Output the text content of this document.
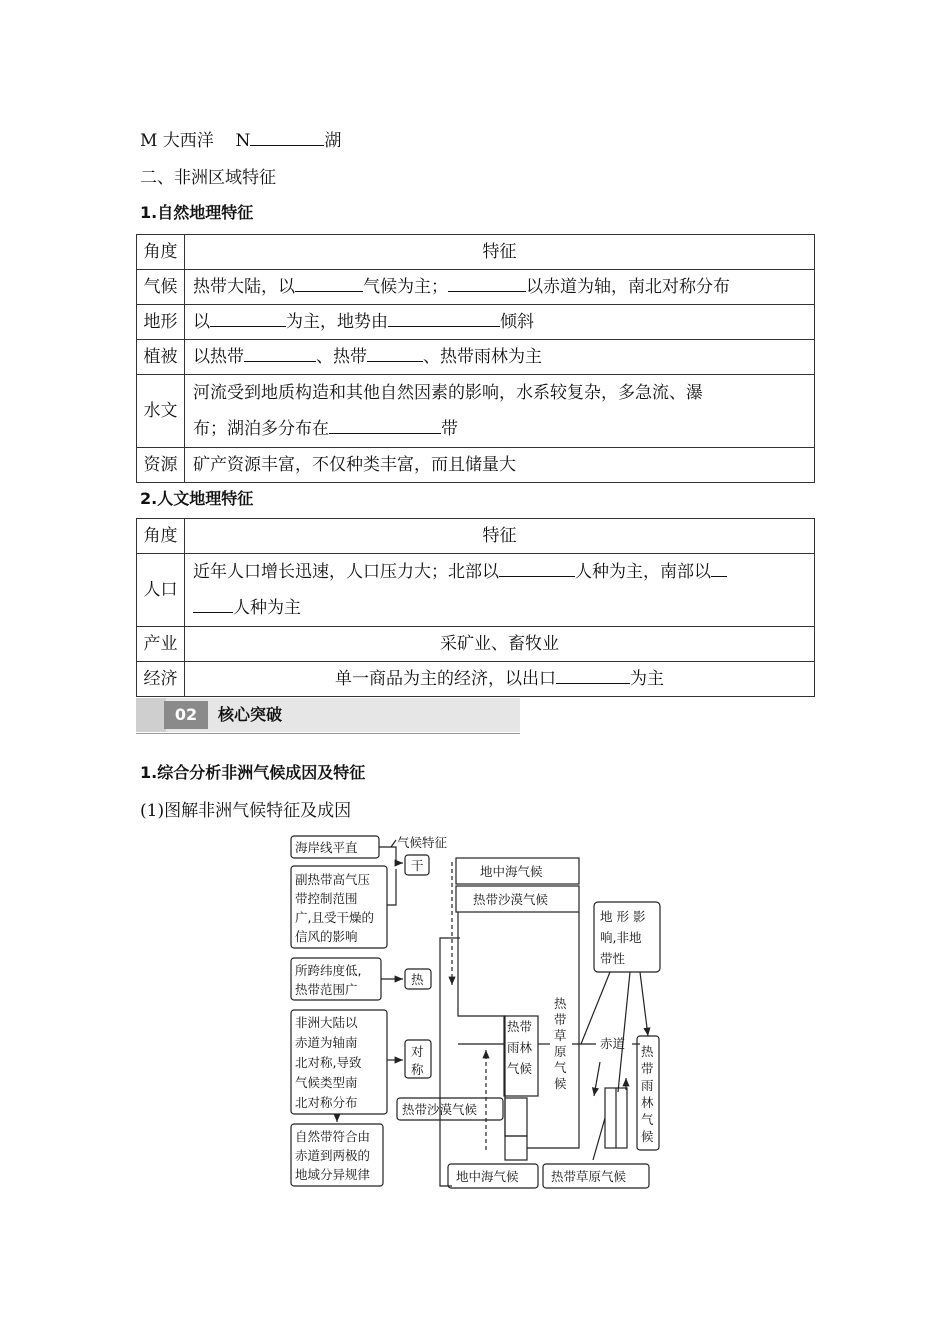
M 大西洋 N	湖
二、非洲区域特征
1.自然地理特征
角度	特征
气候	热带大陆，以 气候为主； 以赤道为轴，南北对称分布
地形	以 为主，地势由 倾斜
植被	以热带 、热带 、热带雨林为主
水文	河流受到地质构造和其他自然因素的影响，水系较复杂，多急流、瀑
布；湖泊多分布在 带

资源	矿产资源丰富，不仅种类丰富，而且储量大
2.人文地理特征
角度	特征
人口	近年人口增长迅速，人口压力大；北部以 人种为主，南部以
人种为主
产业	采矿业、畜牧业
经济	单一商品为主的经济，以出口 为主
02	核心突破
1.综合分析非洲气候成因及特征
(1)图解非洲气候特征及成因
海岸线平直	气候特征
干
副热带高气压
带控制范围
广,且受干燥的
信风的影响
所跨纬度低,
热带范围广
热
非洲大陆以
赤道为轴南
北对称,导致
气候类型南
北对称分布
对
称
自然带符合由
赤道到两极的
地域分异规律
地中海气候
热带沙漠气候
地 形 影
响,非地
带性
热带
雨林
气候
热
带
草
原
气
候
赤道
热
带
雨
林
气
候
热带沙漠气候
地中海气候	热带草原气候
